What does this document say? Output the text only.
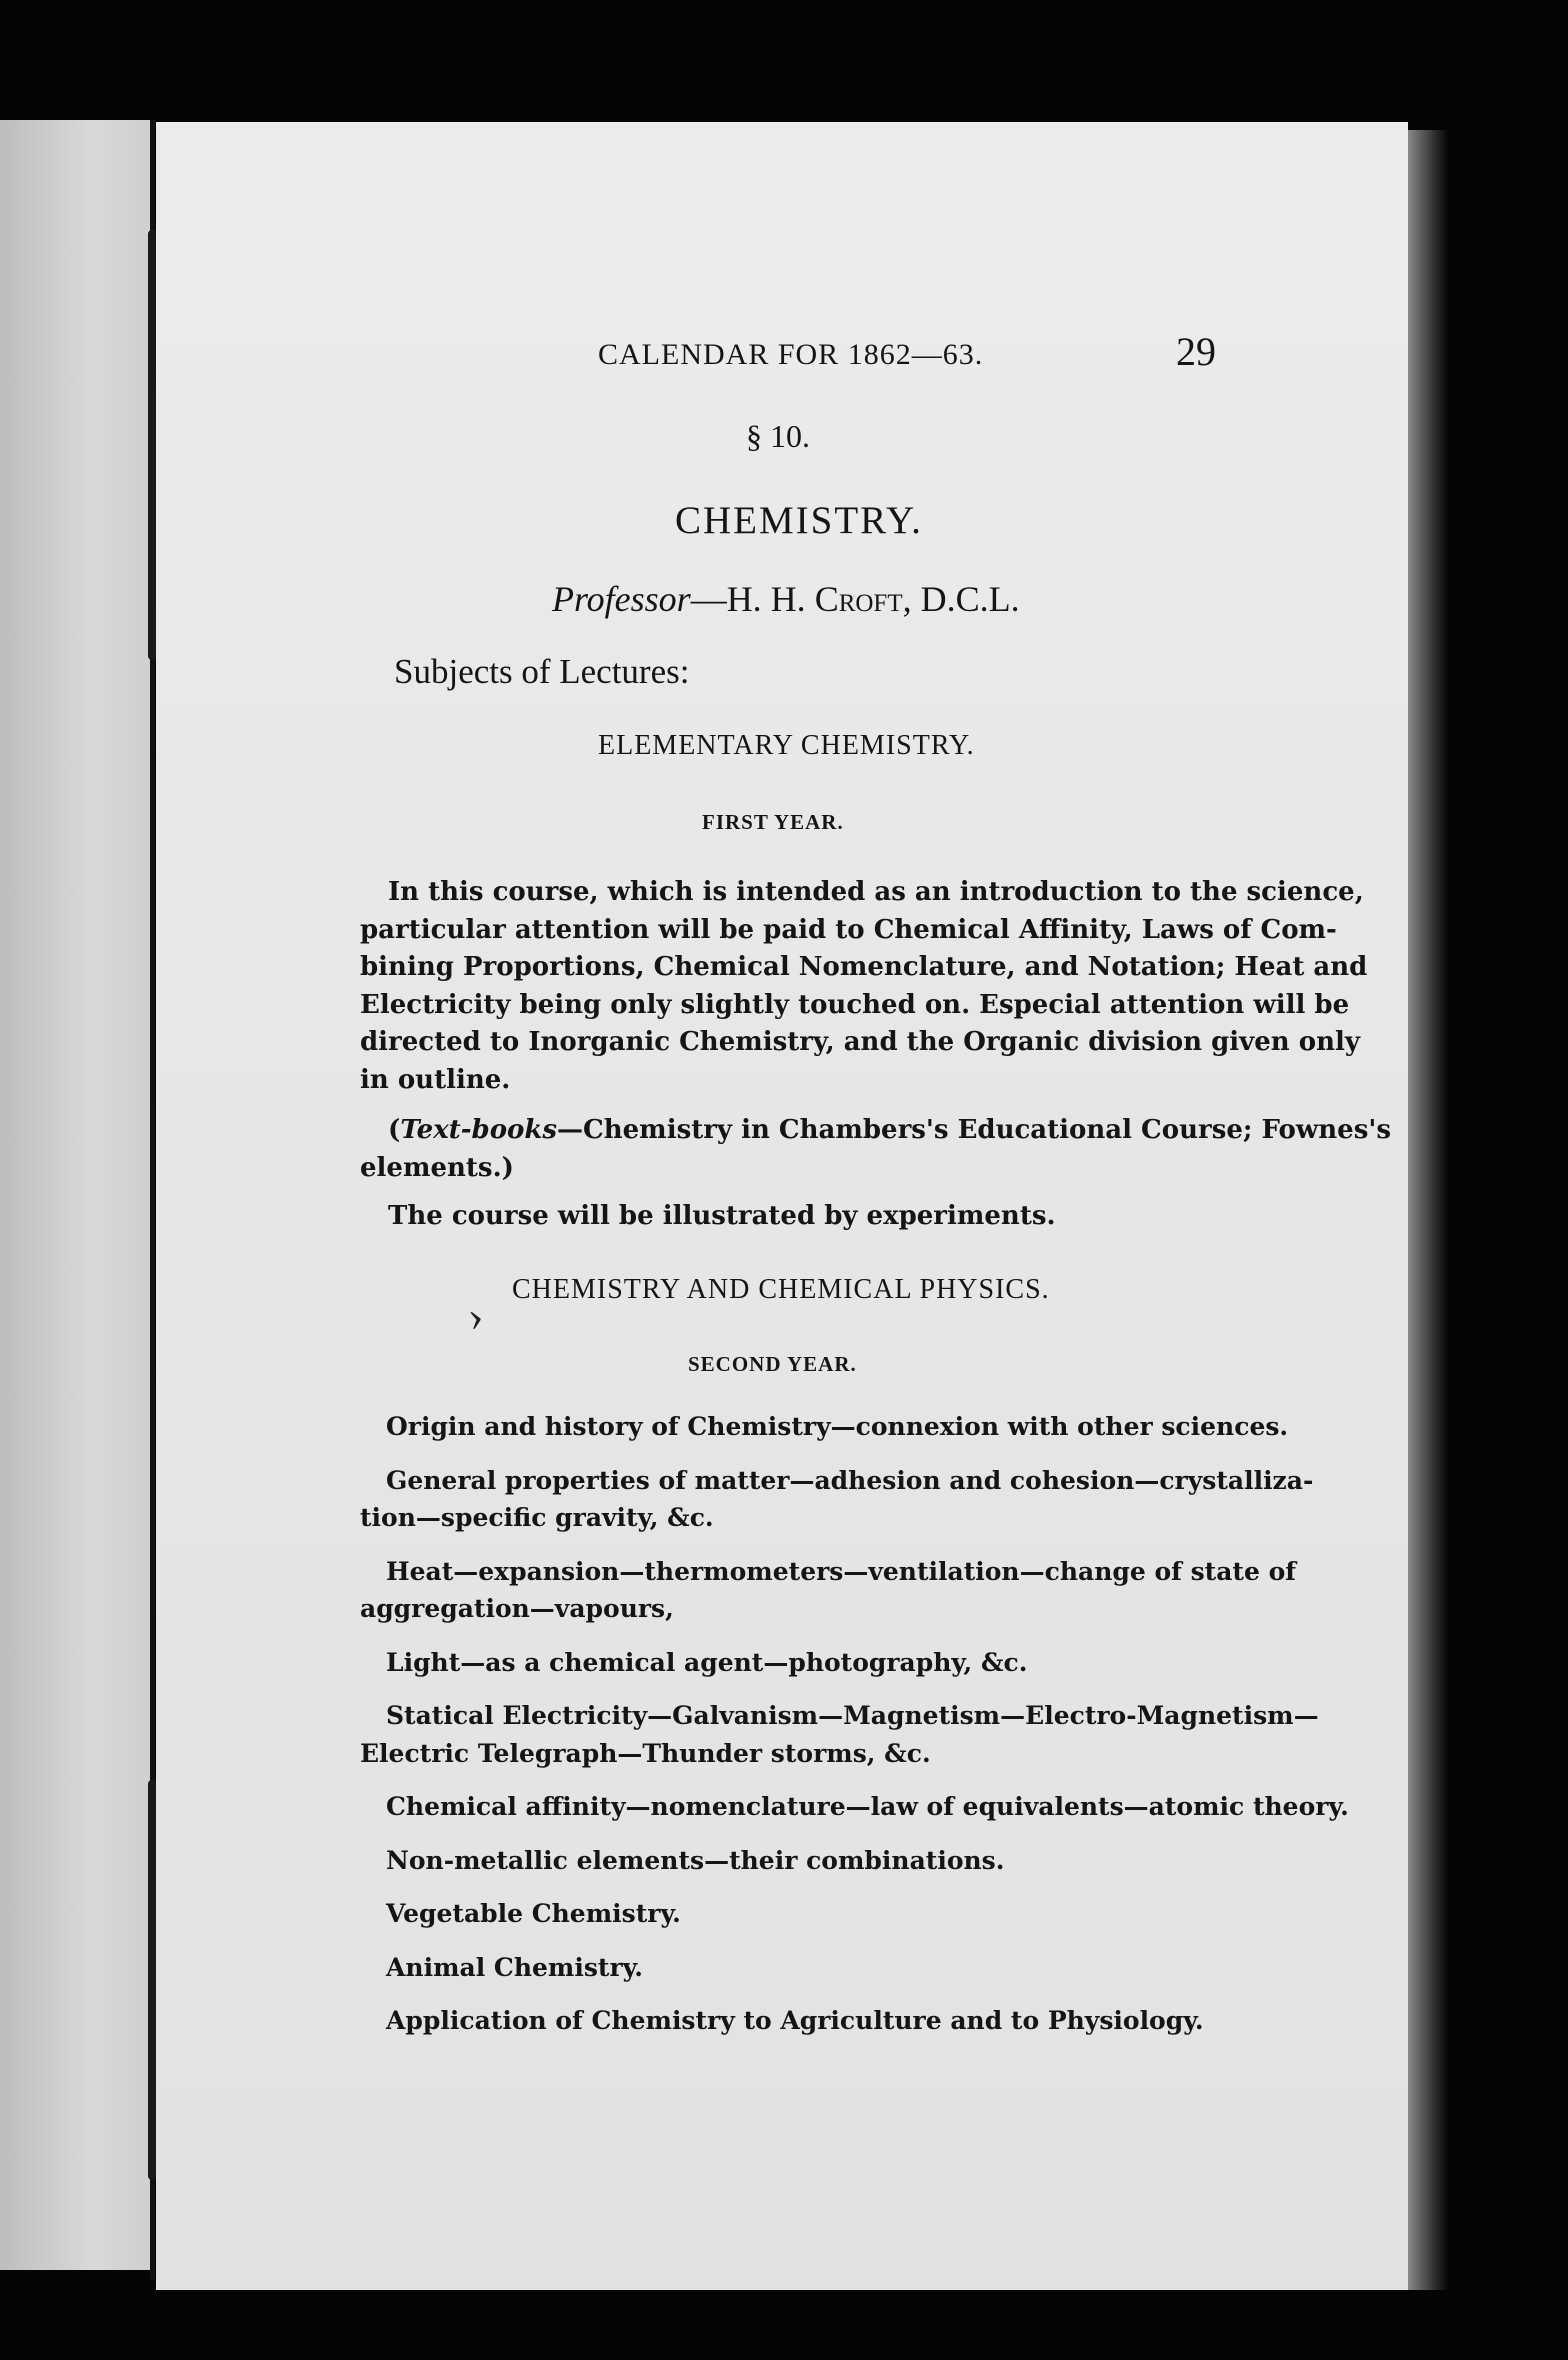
CALENDAR FOR 1862—63.	29

§ 10.

CHEMISTRY.

Professor—H. H. Croft, D.C.L.

Subjects of Lectures:

ELEMENTARY CHEMISTRY.

FIRST YEAR.

In this course, which is intended as an introduction to the science,
particular attention will be paid to Chemical Affinity, Laws of Com-
bining Proportions, Chemical Nomenclature, and Notation; Heat and
Electricity being only slightly touched on. Especial attention will be
directed to Inorganic Chemistry, and the Organic division given only
in outline.
(Text-books—Chemistry in Chambers's Educational Course; Fownes's
elements.)
The course will be illustrated by experiments.
›

CHEMISTRY AND CHEMICAL PHYSICS.

SECOND YEAR.

Origin and history of Chemistry—connexion with other sciences.
General properties of matter—adhesion and cohesion—crystalliza-
tion—specific gravity, &c.
Heat—expansion—thermometers—ventilation—change of state of
aggregation—vapours,
Light—as a chemical agent—photography, &c.
Statical Electricity—Galvanism—Magnetism—Electro-Magnetism—
Electric Telegraph—Thunder storms, &c.
Chemical affinity—nomenclature—law of equivalents—atomic theory.
Non-metallic elements—their combinations.
Vegetable Chemistry.
Animal Chemistry.
Application of Chemistry to Agriculture and to Physiology.
